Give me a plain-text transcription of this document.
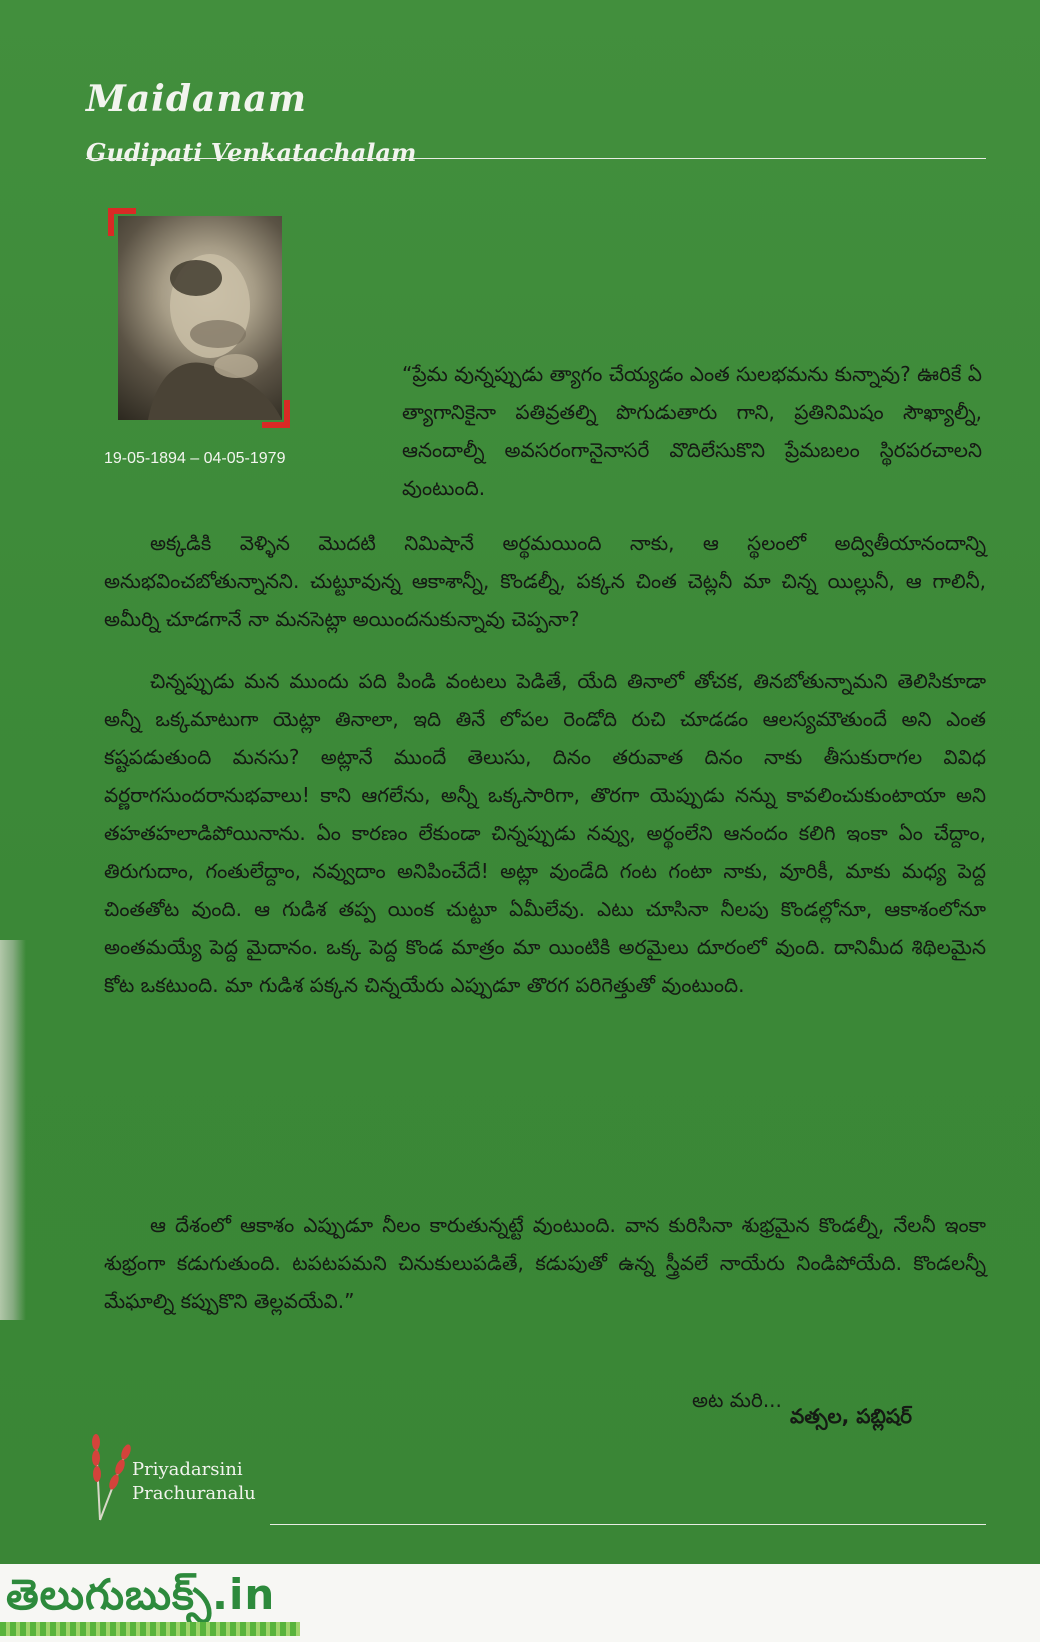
Maidanam
Gudipati Venkatachalam

19-05-1894 – 04-05-1979

“ప్రేమ వున్నప్పుడు త్యాగం చేయ్యడం ఎంత సులభమను కున్నావు? ఊరికే ఏ త్యాగానికైనా పతివ్రతల్ని పొగుడుతారు గాని, ప్రతినిమిషం సౌఖ్యాల్నీ, ఆనందాల్నీ అవసరంగానైనాసరే వొదిలేసుకొని ప్రేమబలం స్థిరపరచాలని వుంటుంది.

అక్కడికి వెళ్ళిన మొదటి నిమిషానే అర్థమయింది నాకు, ఆ స్థలంలో అద్వితీయానందాన్ని అనుభవించబోతున్నానని. చుట్టూవున్న ఆకాశాన్నీ, కొండల్నీ, పక్కన చింత చెట్లనీ మా చిన్న యిల్లునీ, ఆ గాలినీ, అమీర్ని చూడగానే నా మనసెట్లా అయిందనుకున్నావు చెప్పనా?

చిన్నప్పుడు మన ముందు పది పిండి వంటలు పెడితే, యేది తినాలో తోచక, తినబోతున్నామని తెలిసికూడా అన్నీ ఒక్కమాటుగా యెట్లా తినాలా, ఇది తినే లోపల రెండోది రుచి చూడడం ఆలస్యమౌతుందే అని ఎంత కష్టపడుతుంది మనసు? అట్లానే ముందే తెలుసు, దినం తరువాత దినం నాకు తీసుకురాగల వివిధ వర్ణరాగసుందరానుభవాలు! కాని ఆగలేను, అన్నీ ఒక్కసారిగా, తొరగా యెప్పుడు నన్ను కావలించుకుంటాయా అని తహతహలాడిపోయినాను. ఏం కారణం లేకుండా చిన్నప్పుడు నవ్వు, అర్థంలేని ఆనందం కలిగి ఇంకా ఏం చేద్దాం, తిరుగుదాం, గంతులేద్దాం, నవ్వుదాం అనిపించేదే! అట్లా వుండేది గంట గంటా నాకు, వూరికీ, మాకు మధ్య పెద్ద చింతతోట వుంది. ఆ గుడిశ తప్ప యింక చుట్టూ ఏమీలేవు. ఎటు చూసినా నీలపు కొండల్లోనూ, ఆకాశంలోనూ అంతమయ్యే పెద్ద మైదానం. ఒక్క పెద్ద కొండ మాత్రం మా యింటికి అరమైలు దూరంలో వుంది. దానిమీద శిథిలమైన కోట ఒకటుంది. మా గుడిశ పక్కన చిన్నయేరు ఎప్పుడూ తొరగ పరిగెత్తుతో వుంటుంది.

ఆ దేశంలో ఆకాశం ఎప్పుడూ నీలం కారుతున్నట్టే వుంటుంది. వాన కురిసినా శుభ్రమైన కొండల్నీ, నేలనీ ఇంకా శుభ్రంగా కడుగుతుంది. టపటపమని చినుకులుపడితే, కడుపుతో ఉన్న స్త్రీవలే నాయేరు నిండిపోయేది. కొండలన్నీ మేఘాల్ని కప్పుకొని తెల్లవయేవి.”

అట మరి...

వత్సల, పబ్లిషర్

Priyadarsini
Prachuranalu

తెలుగుబుక్స్.in
